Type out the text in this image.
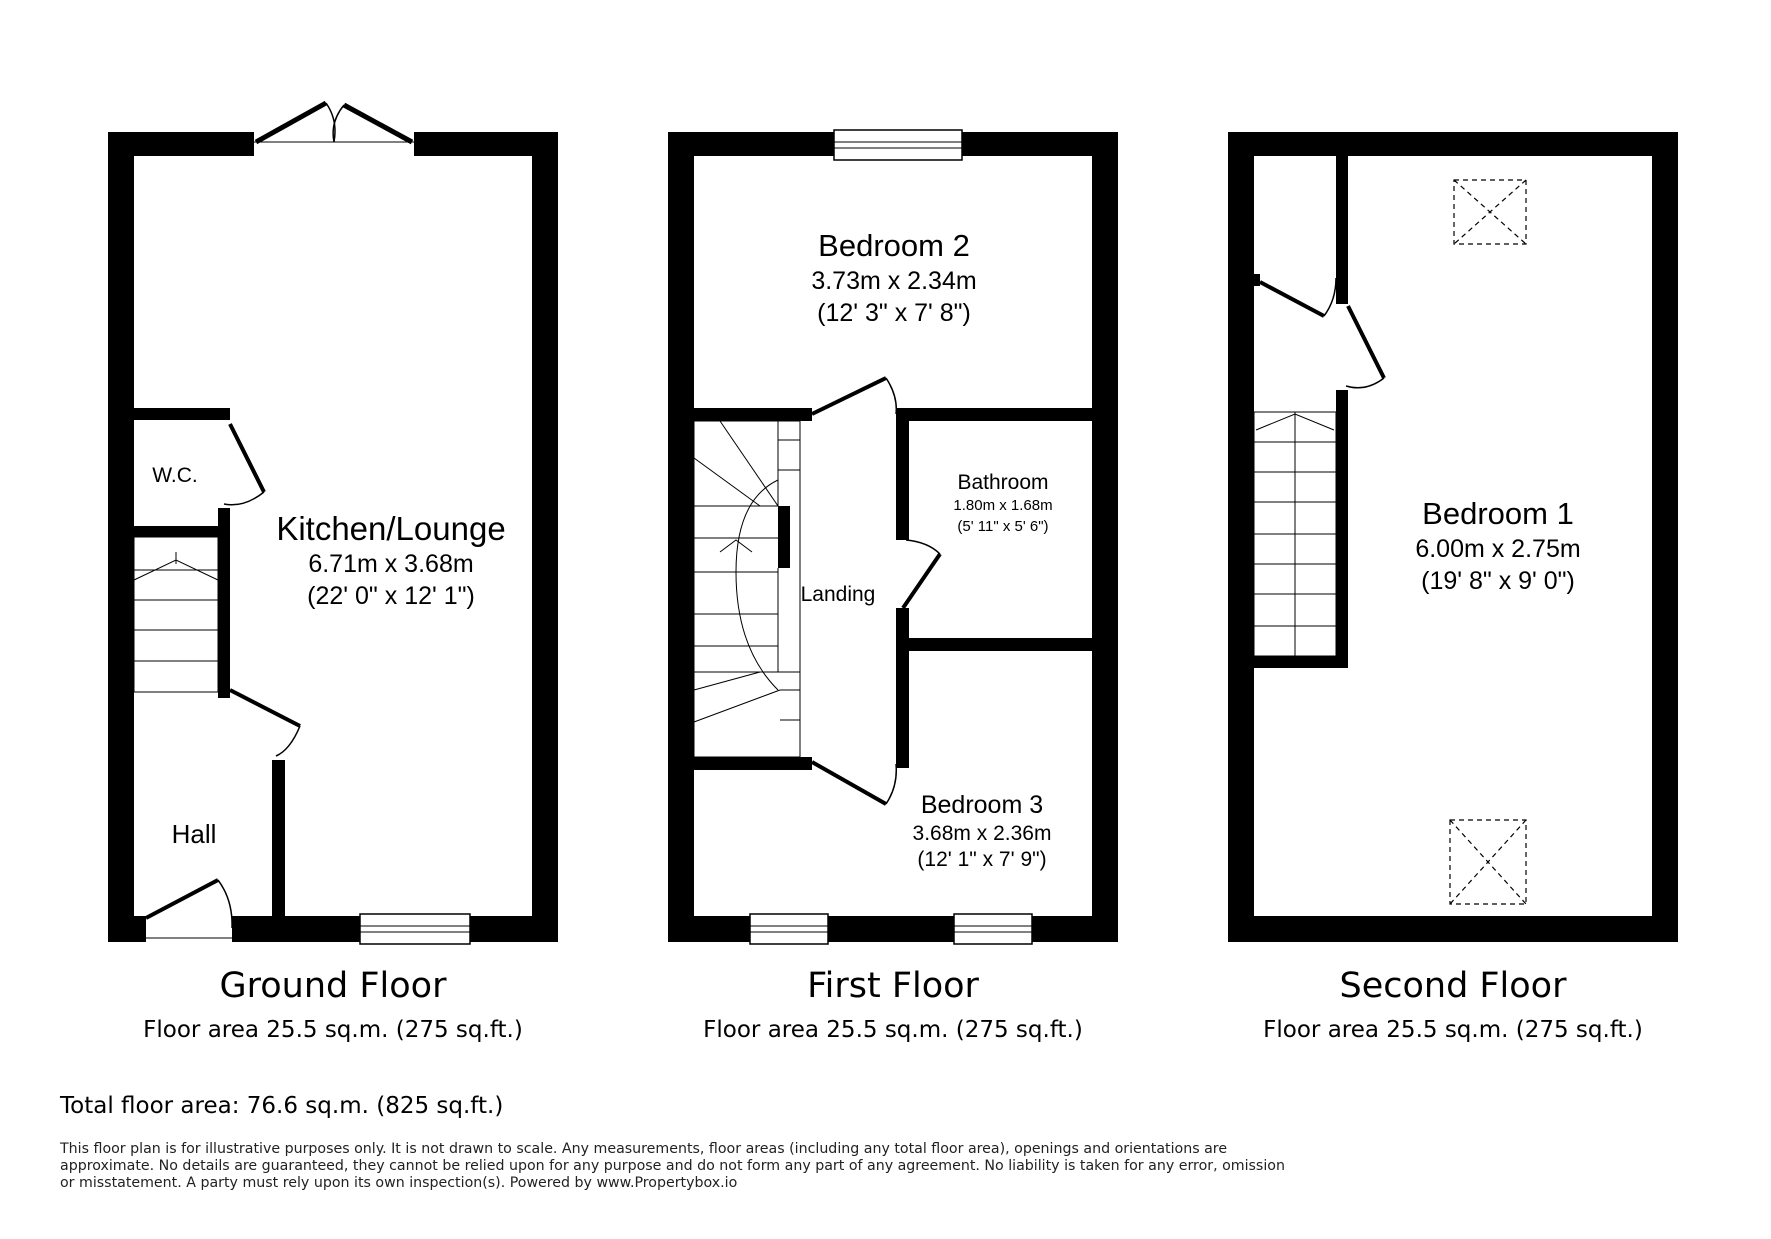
Kitchen/Lounge
6.71m x 3.68m
(22' 0" x 12' 1")
W.C.
Hall
Bedroom 2
3.73m x 2.34m
(12' 3" x 7' 8")
Bathroom
1.80m x 1.68m
(5' 11" x 5' 6")
Landing
Bedroom 3
3.68m x 2.36m
(12' 1" x 7' 9")
Bedroom 1
6.00m x 2.75m
(19' 8" x 9' 0")
Ground Floor
Floor area 25.5 sq.m. (275 sq.ft.)
First Floor
Floor area 25.5 sq.m. (275 sq.ft.)
Second Floor
Floor area 25.5 sq.m. (275 sq.ft.)
Total floor area: 76.6 sq.m. (825 sq.ft.)
This floor plan is for illustrative purposes only. It is not drawn to scale. Any measurements, floor areas (including any total floor area), openings and orientations are approximate. No details are guaranteed, they cannot be relied upon for any purpose and do not form any part of any agreement. No liability is taken for any error, omission or misstatement. A party must rely upon its own inspection(s). Powered by www.Propertybox.io
